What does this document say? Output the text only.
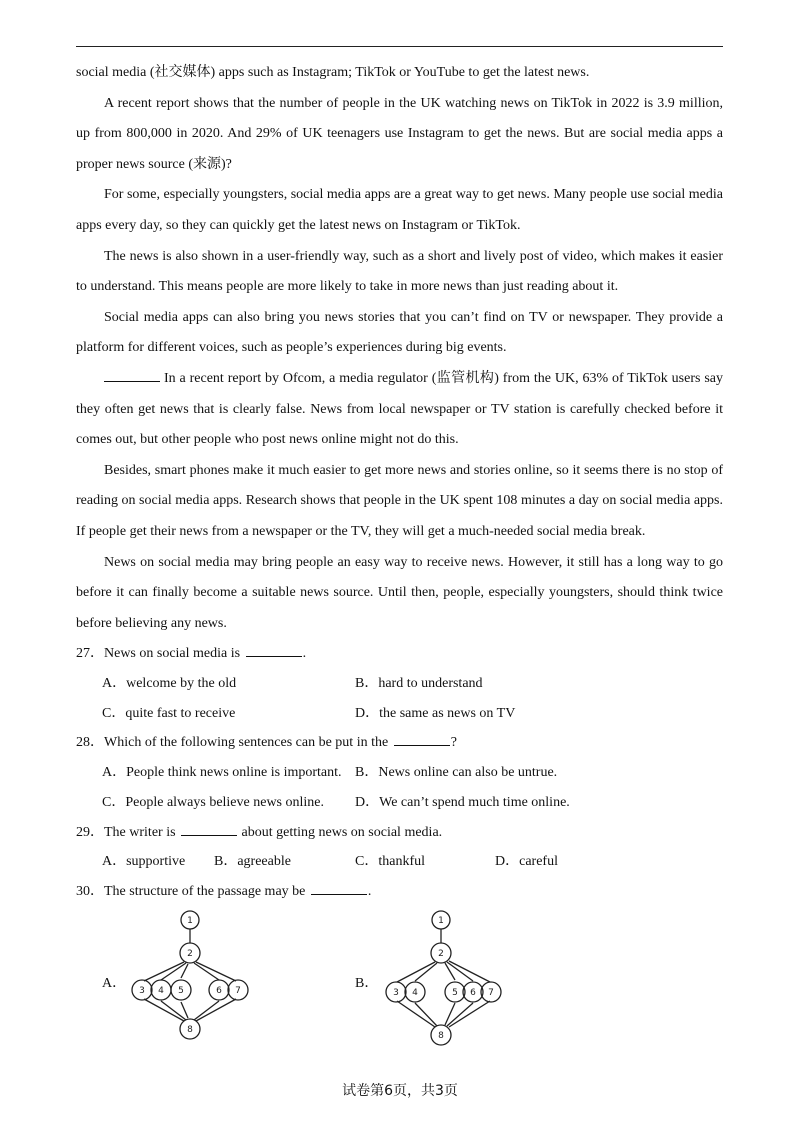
social media (社交媒体) apps such as Instagram; TikTok or YouTube to get the latest news.

A recent report shows that the number of people in the UK watching news on TikTok in 2022 is 3.9 million, up from 800,000 in 2020. And 29% of UK teenagers use Instagram to get the news. But are social media apps a proper news source (来源)?

For some, especially youngsters, social media apps are a great way to get news. Many people use social media apps every day, so they can quickly get the latest news on Instagram or TikTok.

The news is also shown in a user-friendly way, such as a short and lively post of video, which makes it easier to understand. This means people are more likely to take in more news than just reading about it.

Social media apps can also bring you news stories that you can’t find on TV or newspaper. They provide a platform for different voices, such as people’s experiences during big events.

In a recent report by Ofcom, a media regulator (监管机构) from the UK, 63% of TikTok users say they often get news that is clearly false. News from local newspaper or TV station is carefully checked before it comes out, but other people who post news online might not do this.

Besides, smart phones make it much easier to get more news and stories online, so it seems there is no stop of reading on social media apps. Research shows that people in the UK spent 108 minutes a day on social media apps. If people get their news from a newspaper or the TV, they will get a much-needed social media break.

News on social media may bring people an easy way to receive news. However, it still has a long way to go before it can finally become a suitable news source. Until then, people, especially youngsters, should think twice before believing any news.

27．News on social media is	.

A．welcome by the old	B．hard to understand
C．quite fast to receive	D．the same as news on TV

28．Which of the following sentences can be put in the	?

A．People think news online is important. B．News online can also be untrue.
C．People always believe news online.	D．We can’t spend much time online.

29．The writer is	about getting news on social media.

A．supportive	B．agreeable	C．thankful	D．careful

30．The structure of the passage may be	.

A．
1
2
3 4 5	6 7
8
B．
1
2
3 4	5 6 7
8
试卷第6页，共3页
